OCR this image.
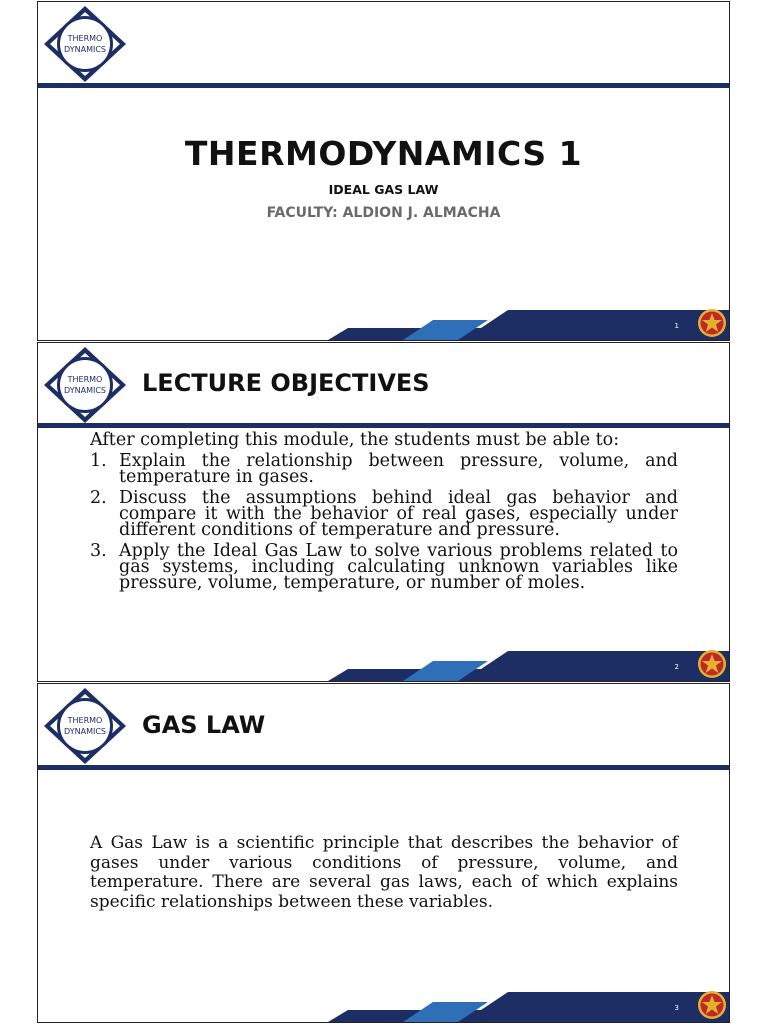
THERMO
DYNAMICS
THERMODYNAMICS 1
IDEAL GAS LAW
FACULTY: ALDION J. ALMACHA
1
THERMO
DYNAMICS LECTURE OBJECTIVES

After completing this module, the students must be able to:

1. Explain the relationship between pressure, volume, and temperature in gases.
2. Discuss the assumptions behind ideal gas behavior and compare it with the behavior of real gases, especially under different conditions of temperature and pressure.
3. Apply the Ideal Gas Law to solve various problems related to gas systems, including calculating unknown variables like pressure, volume, temperature, or number of moles.
2
THERMO
DYNAMICS GAS LAW

A Gas Law is a scientific principle that describes the behavior of gases under various conditions of pressure, volume, and temperature. There are several gas laws, each of which explains specific relationships between these variables.

3
